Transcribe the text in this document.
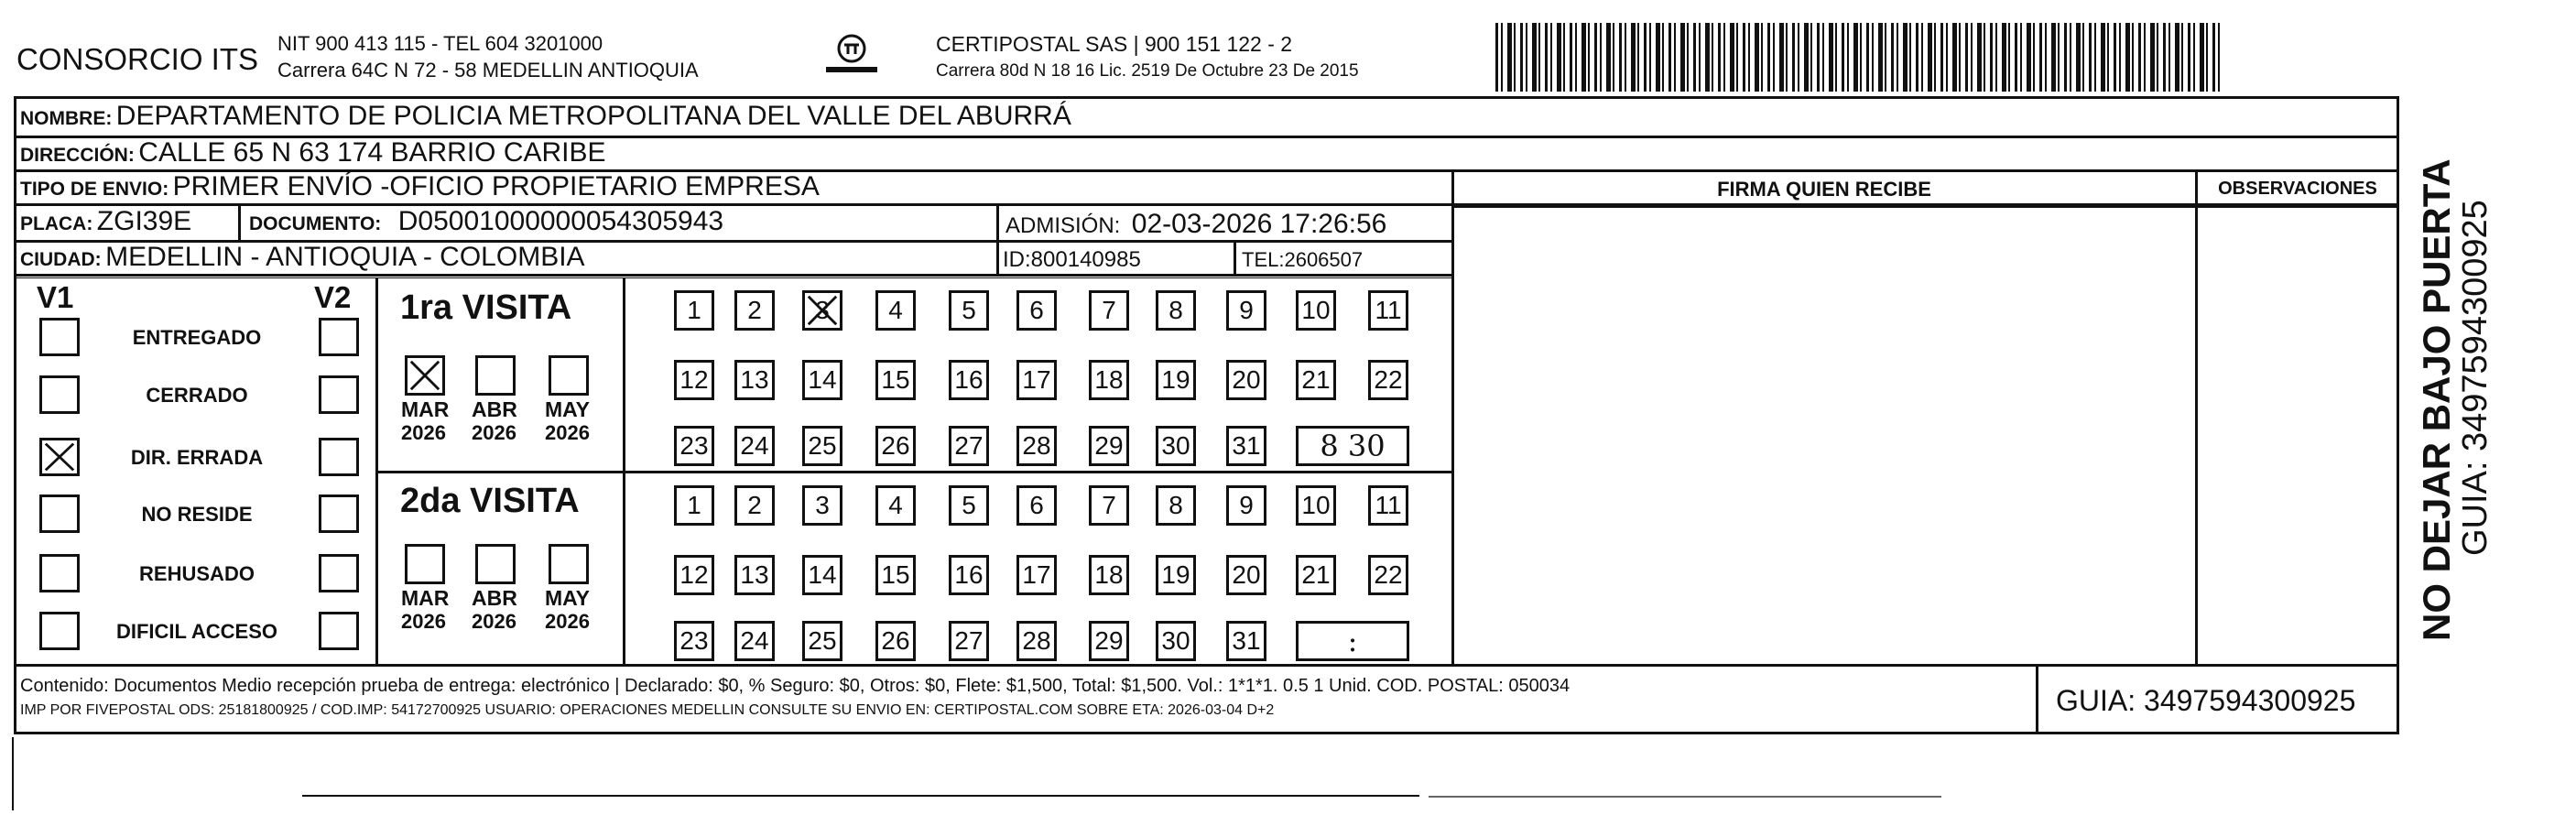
CONSORCIO ITS NIT 900 413 115 - TEL 604 3201000
Carrera 64C N 72 - 58 MEDELLIN ANTIOQUIA
CERTIPOSTAL SAS | 900 151 122 - 2
Carrera 80d N 18 16 Lic. 2519 De Octubre 23 De 2015
NOMBRE: DEPARTAMENTO DE POLICIA METROPOLITANA DEL VALLE DEL ABURRÁ
DIRECCIÓN: CALLE 65 N 63 174 BARRIO CARIBE
TIPO DE ENVIO: PRIMER ENVÍO -OFICIO PROPIETARIO EMPRESA
PLACA: ZGI39E	DOCUMENTO: D05001000000054305943	ADMISIÓN: 02-03-2026 17:26:56
CIUDAD: MEDELLIN - ANTIOQUIA - COLOMBIA	ID:800140985	TEL:2606507
FIRMA QUIEN RECIBE	OBSERVACIONES
V1	V2
ENTREGADO
CERRADO
DIR. ERRADA
NO RESIDE
REHUSADO
DIFICIL ACCESO
1ra VISITA
2da VISITA
1	2	3	4	5	6	7	8	9	10 11
12 13 14 15 16 17 18 19 20 21 22
23 24 25 26 27 28 29 30 31	8 30
1	2	3	4	5	6	7	8	9	10 11
12 13 14 15 16 17 18 19 20 21 22
23 24 25 26 27 28 29 30 31	:
MAR
2026
ABR
2026
MAY
2026
MAR
2026
ABR
2026
MAY
2026
Contenido: Documentos Medio recepción prueba de entrega: electrónico | Declarado: $0, % Seguro: $0, Otros: $0, Flete: $1,500, Total: $1,500. Vol.: 1*1*1. 0.5 1 Unid. COD. POSTAL: 050034
IMP POR FIVEPOSTAL ODS: 25181800925 / COD.IMP: 54172700925 USUARIO: OPERACIONES MEDELLIN CONSULTE SU ENVIO EN: CERTIPOSTAL.COM SOBRE ETA: 2026-03-04 D+2	GUIA: 3497594300925
NO DEJAR BAJO PUERTA
GUIA: 3497594300925
